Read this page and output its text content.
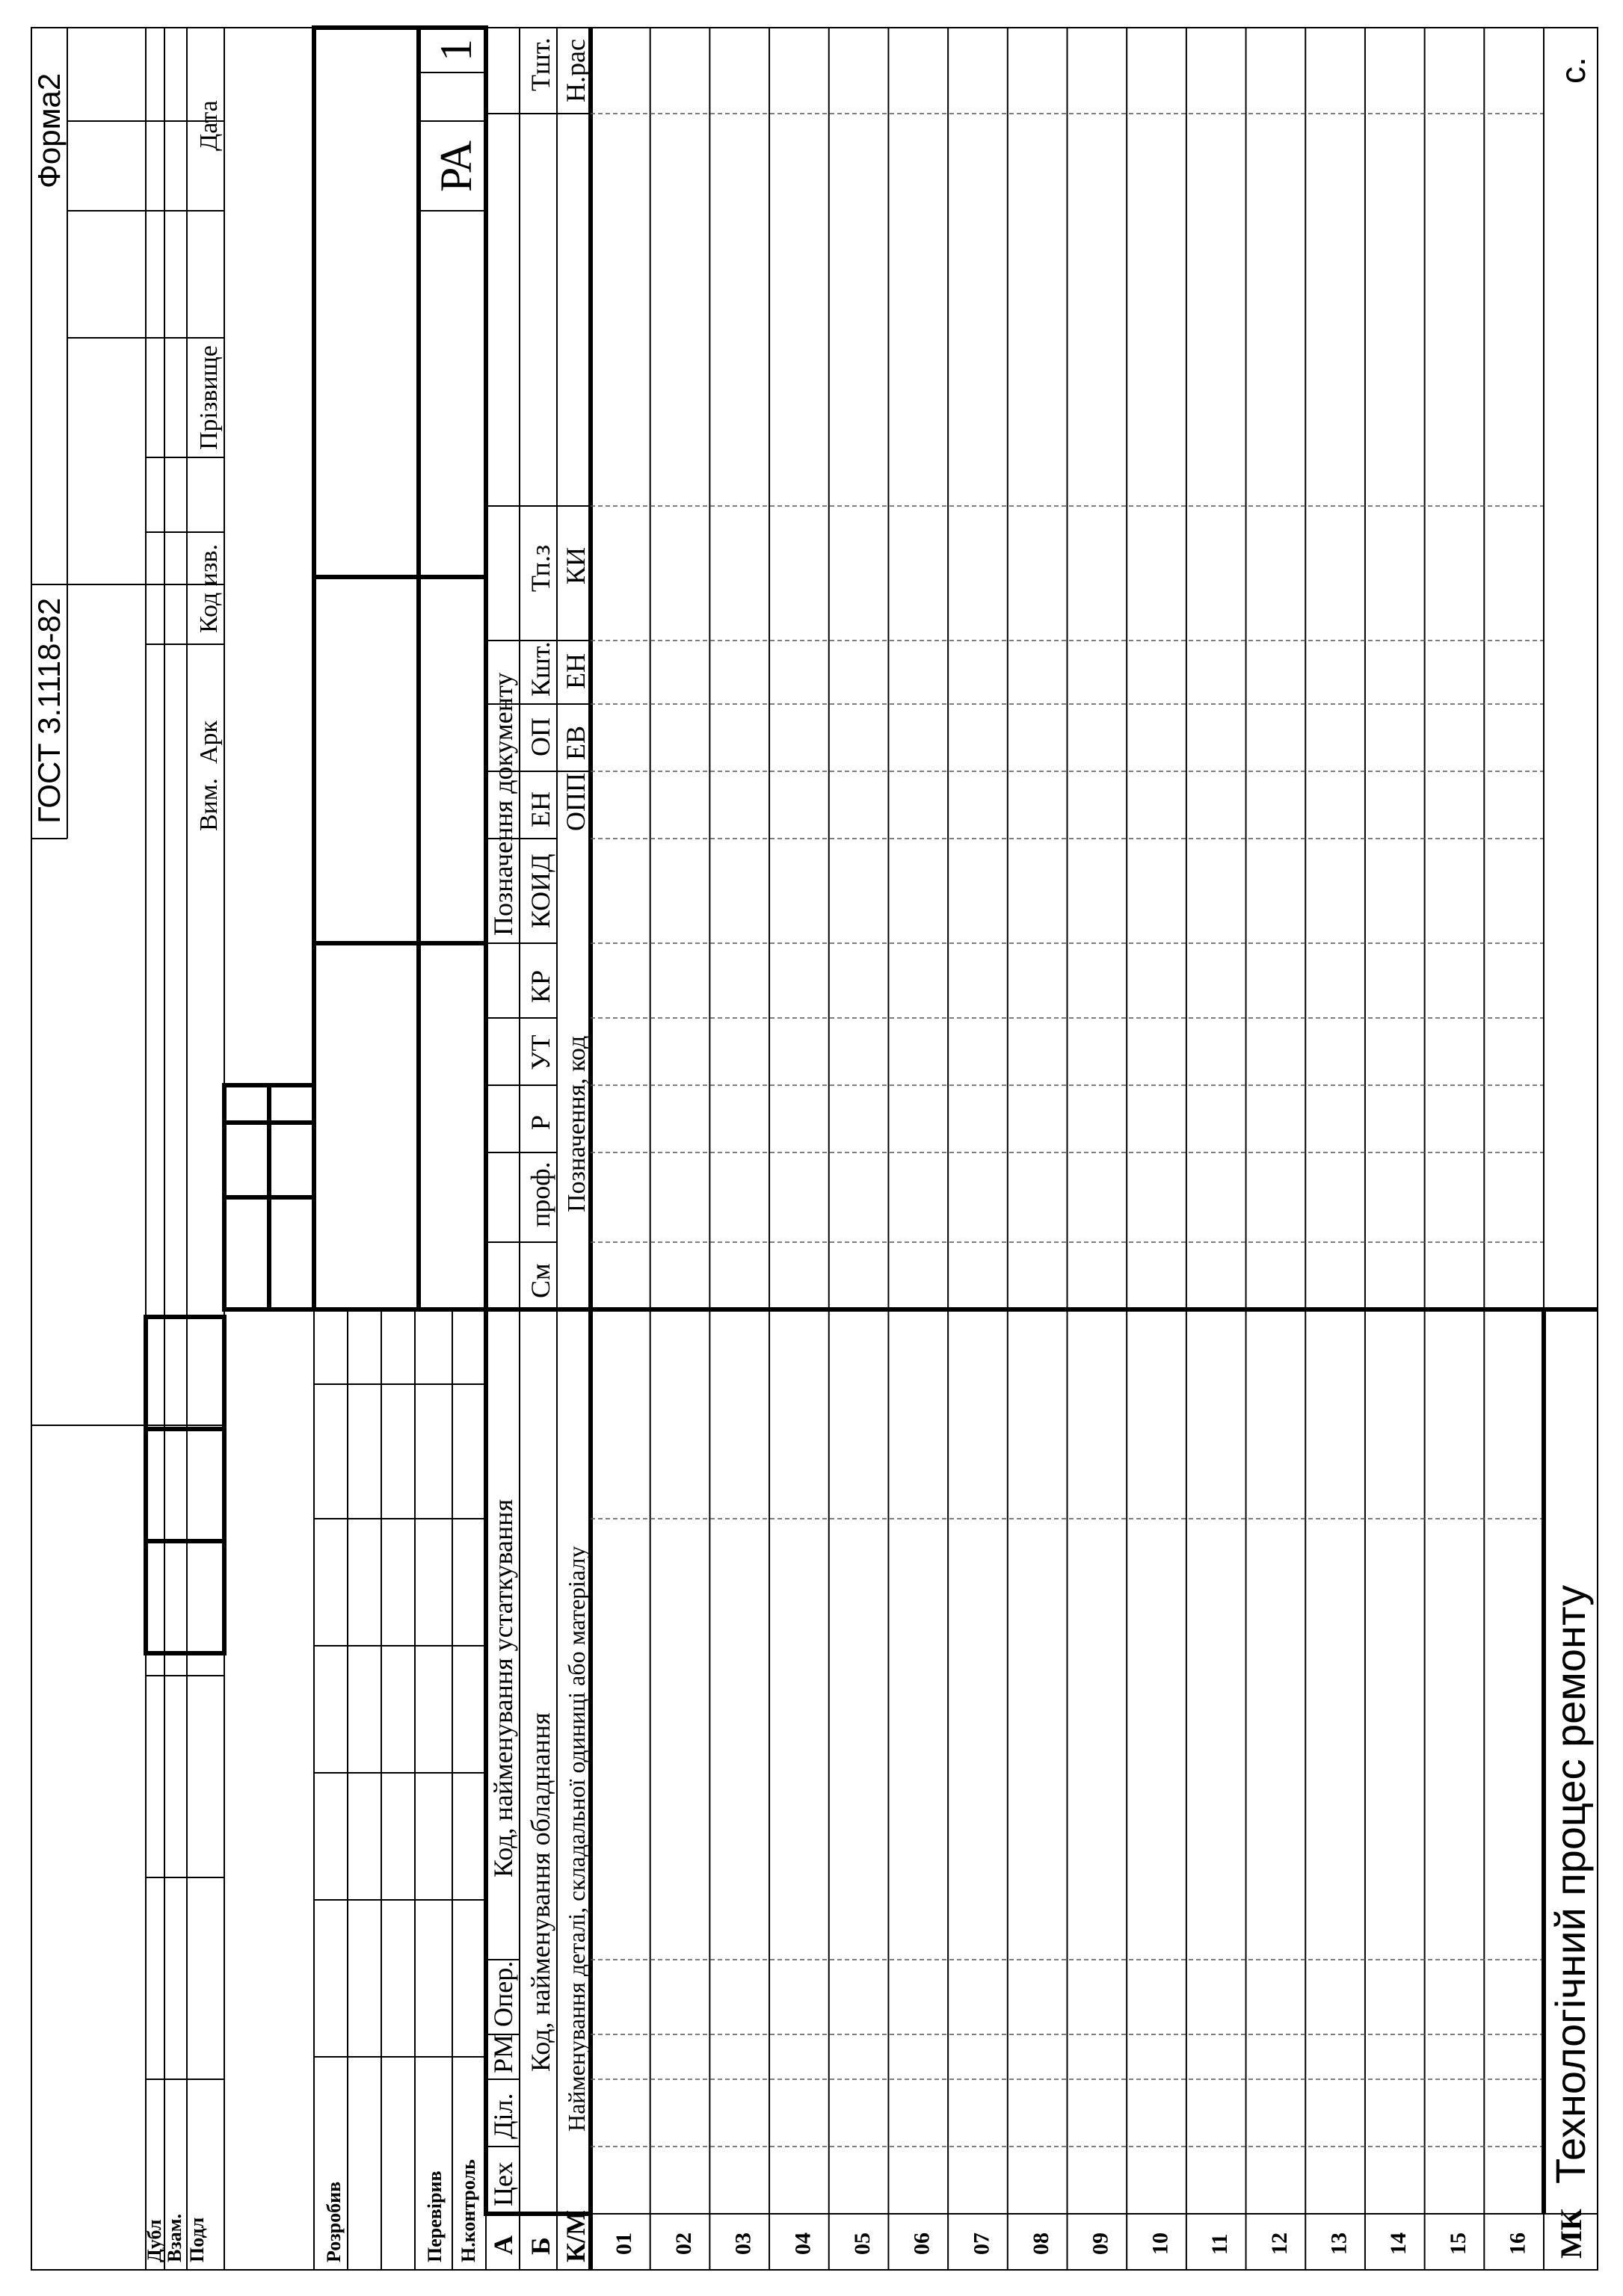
ГОСТ 3.1118-82
Форма2
Дубл
Взам. Подл
Вим.
Арк
Код изв.
Прізвище
Дата
Розробив	Перевірив Н.контроль
РА
1
А
Цех
Діл.
РМ
Опер.
Код, найменування устаткування
Позначення документу
См
проф.
Р
УТ
КР
КОИД
ЕН
ОП
Кшт.
Тп.з
Тшт.
Б
Код, найменування обладнання
К/М
Найменування деталі, складальної одиниці або матеріалу
Позначення, код
ОПП
ЕВ
ЕН
КИ
Н.рас
01 02 03 04 05 06 07 08 09 10 11 12 13 14 15 16 МК
Технологічний процес ремонту
с.
